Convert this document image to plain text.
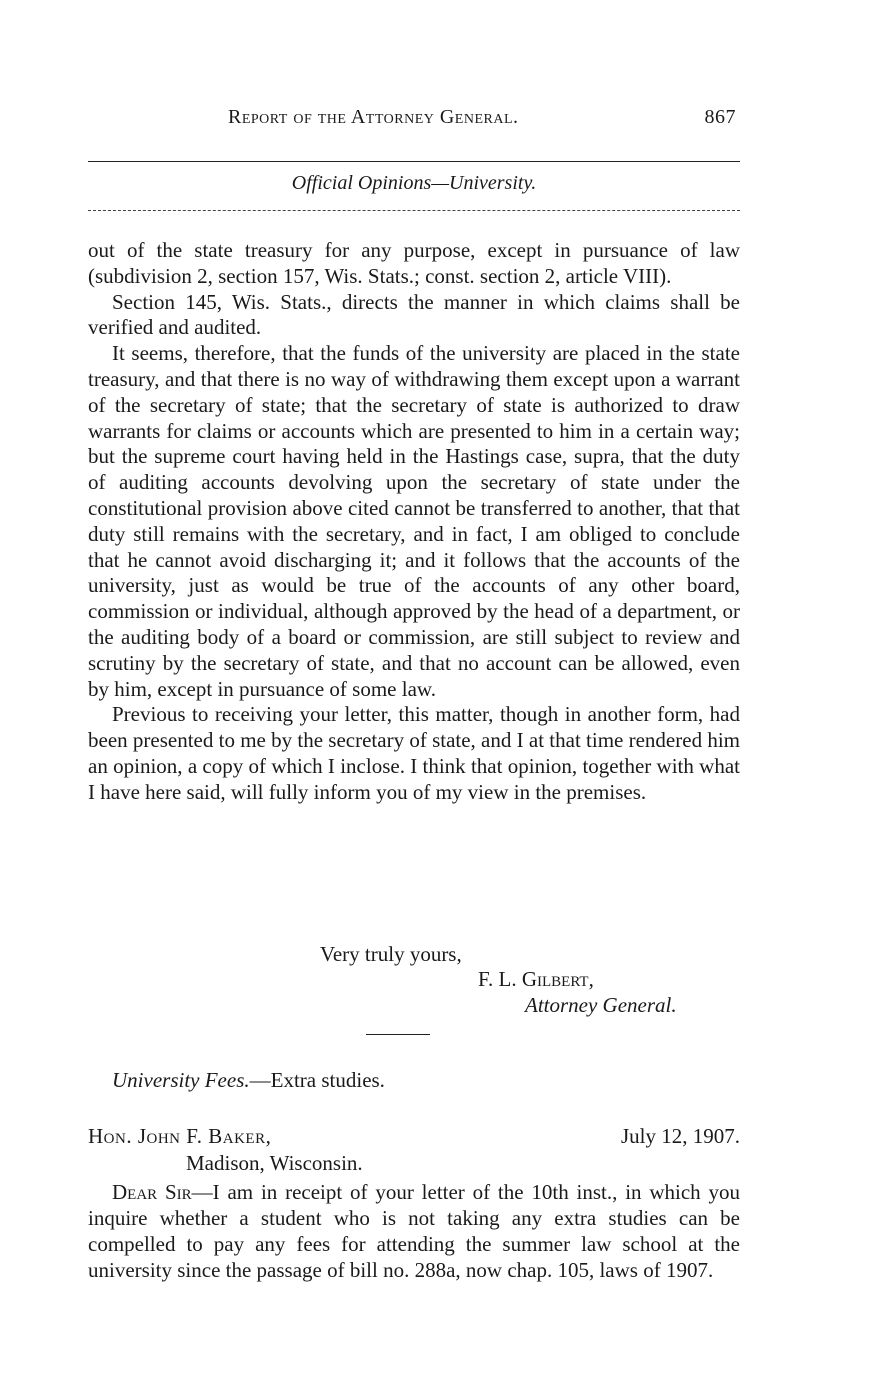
Report of the Attorney General.	867
Official Opinions—University.

out of the state treasury for any purpose, except in pursuance of law (subdivision 2, section 157, Wis. Stats.; const. section 2, article VIII).

Section 145, Wis. Stats., directs the manner in which claims shall be verified and audited.

It seems, therefore, that the funds of the university are placed in the state treasury, and that there is no way of withdrawing them except upon a warrant of the secretary of state; that the secretary of state is authorized to draw warrants for claims or accounts which are presented to him in a certain way; but the supreme court having held in the Hastings case, supra, that the duty of auditing accounts devolving upon the secretary of state under the constitutional provision above cited cannot be transferred to another, that that duty still remains with the secretary, and in fact, I am obliged to conclude that he cannot avoid discharging it; and it follows that the accounts of the university, just as would be true of the accounts of any other board, commission or individual, although approved by the head of a department, or the auditing body of a board or commission, are still subject to review and scrutiny by the secretary of state, and that no account can be allowed, even by him, except in pursuance of some law.

Previous to receiving your letter, this matter, though in another form, had been presented to me by the secretary of state, and I at that time rendered him an opinion, a copy of which I inclose. I think that opinion, together with what I have here said, will fully inform you of my view in the premises.

Very truly yours,
F. L. Gilbert,
Attorney General.
University Fees.—Extra studies.
Hon. John F. Baker,	July 12, 1907.
Madison, Wisconsin.
Dear Sir—I am in receipt of your letter of the 10th inst., in which you inquire whether a student who is not taking any extra studies can be compelled to pay any fees for attending the summer law school at the university since the passage of bill no. 288a, now chap. 105, laws of 1907.
